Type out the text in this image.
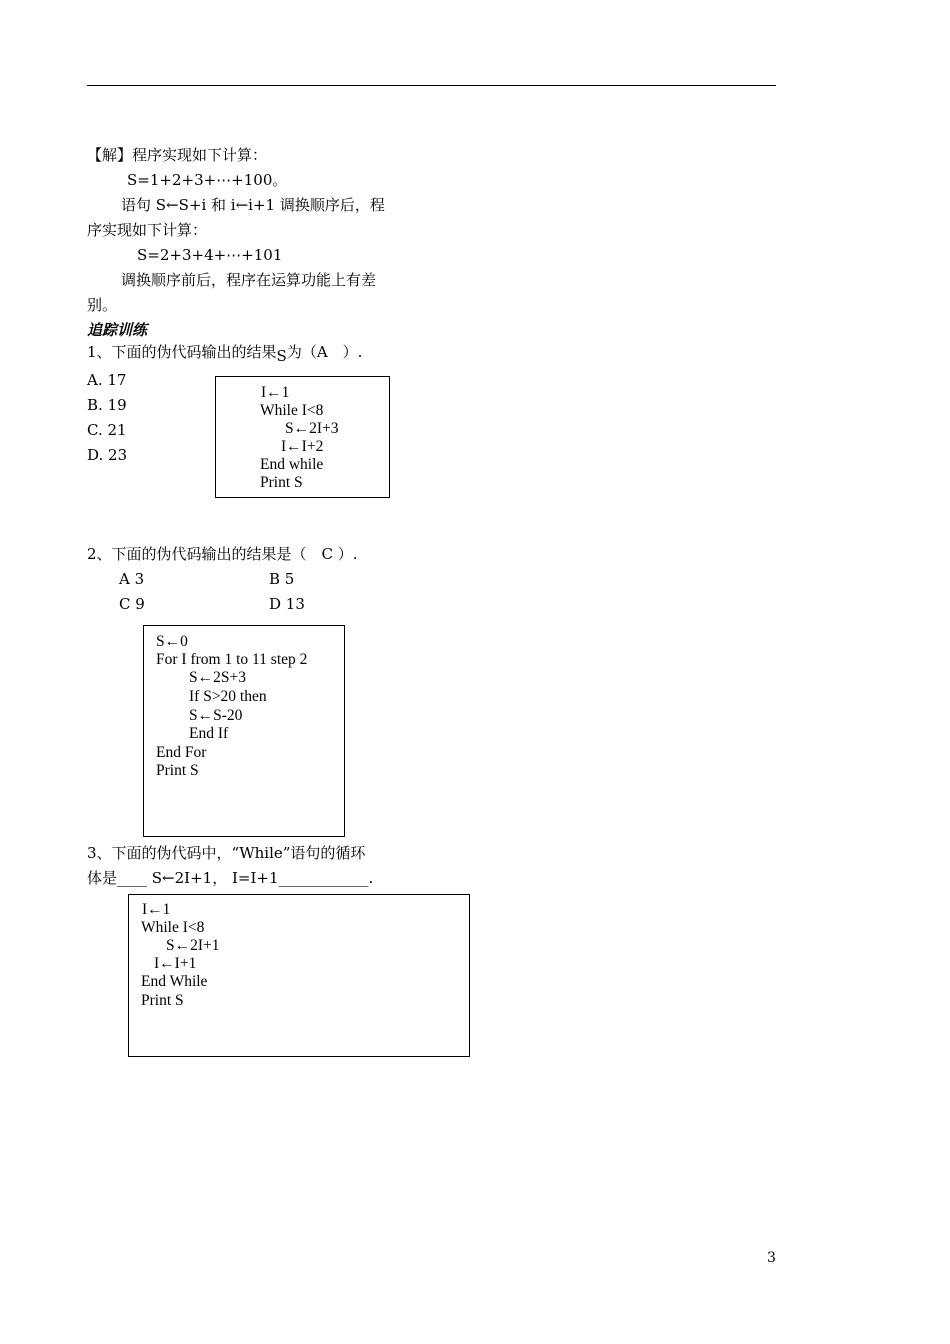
【解】程序实现如下计算：
S=1+2+3+⋯+100。
语句 S←S+i 和 i←i+1 调换顺序后，程
序实现如下计算：
S=2+3+4+⋯+101
调换顺序前后，程序在运算功能上有差
别。
追踪训练
1、下面的伪代码输出的结果S为（A　）.
A. 17
B. 19
C. 21
D. 23
I←1
While I<8
S←2I+3
I←I+2
End while
Print S
2、下面的伪代码输出的结果是（　C ）.
A 3	B 5
C 9	D 13
S←0
For I from 1 to 11 step 2
S←2S+3
If S>20 then
S←S-20
End If
End For
Print S
3、下面的伪代码中，“While”语句的循环
体是____ S←2I+1， I=I+1____________.
I←1
While I<8
S←2I+1
I←I+1
End While
Print S
3
